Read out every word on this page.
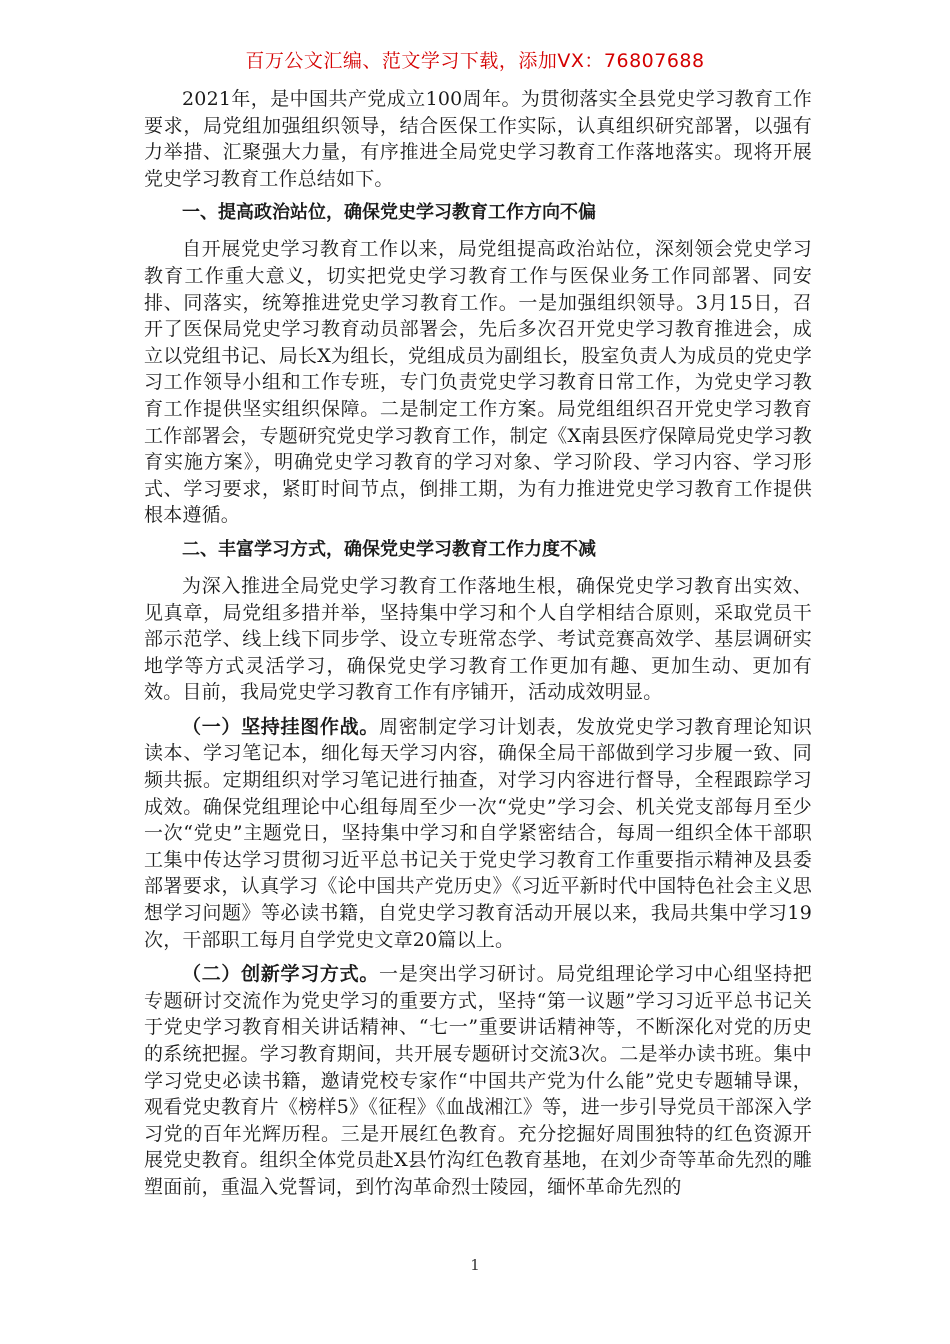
百万公文汇编、范文学习下载，添加VX：76807688

2021年，是中国共产党成立100周年。为贯彻落实全县党史学习教育工作要求，局党组加强组织领导，结合医保工作实际，认真组织研究部署，以强有力举措、汇聚强大力量，有序推进全局党史学习教育工作落地落实。现将开展党史学习教育工作总结如下。

一、提高政治站位，确保党史学习教育工作方向不偏

自开展党史学习教育工作以来，局党组提高政治站位，深刻领会党史学习教育工作重大意义，切实把党史学习教育工作与医保业务工作同部署、同安排、同落实，统筹推进党史学习教育工作。一是加强组织领导。3月15日，召开了医保局党史学习教育动员部署会，先后多次召开党史学习教育推进会，成立以党组书记、局长X为组长，党组成员为副组长，股室负责人为成员的党史学习工作领导小组和工作专班，专门负责党史学习教育日常工作，为党史学习教育工作提供坚实组织保障。二是制定工作方案。局党组组织召开党史学习教育工作部署会，专题研究党史学习教育工作，制定《X南县医疗保障局党史学习教育实施方案》，明确党史学习教育的学习对象、学习阶段、学习内容、学习形式、学习要求，紧盯时间节点，倒排工期，为有力推进党史学习教育工作提供根本遵循。

二、丰富学习方式，确保党史学习教育工作力度不减

为深入推进全局党史学习教育工作落地生根，确保党史学习教育出实效、见真章，局党组多措并举，坚持集中学习和个人自学相结合原则，采取党员干部示范学、线上线下同步学、设立专班常态学、考试竞赛高效学、基层调研实地学等方式灵活学习，确保党史学习教育工作更加有趣、更加生动、更加有效。目前，我局党史学习教育工作有序铺开，活动成效明显。

（一）坚持挂图作战。周密制定学习计划表，发放党史学习教育理论知识读本、学习笔记本，细化每天学习内容，确保全局干部做到学习步履一致、同频共振。定期组织对学习笔记进行抽查，对学习内容进行督导，全程跟踪学习成效。确保党组理论中心组每周至少一次“党史”学习会、机关党支部每月至少一次“党史”主题党日，坚持集中学习和自学紧密结合，每周一组织全体干部职工集中传达学习贯彻习近平总书记关于党史学习教育工作重要指示精神及县委部署要求，认真学习《论中国共产党历史》《习近平新时代中国特色社会主义思想学习问题》等必读书籍，自党史学习教育活动开展以来，我局共集中学习19次，干部职工每月自学党史文章20篇以上。

（二）创新学习方式。一是突出学习研讨。局党组理论学习中心组坚持把专题研讨交流作为党史学习的重要方式，坚持“第一议题”学习习近平总书记关于党史学习教育相关讲话精神、“七一”重要讲话精神等，不断深化对党的历史的系统把握。学习教育期间，共开展专题研讨交流3次。二是举办读书班。集中学习党史必读书籍，邀请党校专家作“中国共产党为什么能”党史专题辅导课，观看党史教育片《榜样5》《征程》《血战湘江》等，进一步引导党员干部深入学习党的百年光辉历程。三是开展红色教育。充分挖掘好周围独特的红色资源开展党史教育。组织全体党员赴X县竹沟红色教育基地，在刘少奇等革命先烈的雕塑面前，重温入党誓词，到竹沟革命烈士陵园，缅怀革命先烈的

1
